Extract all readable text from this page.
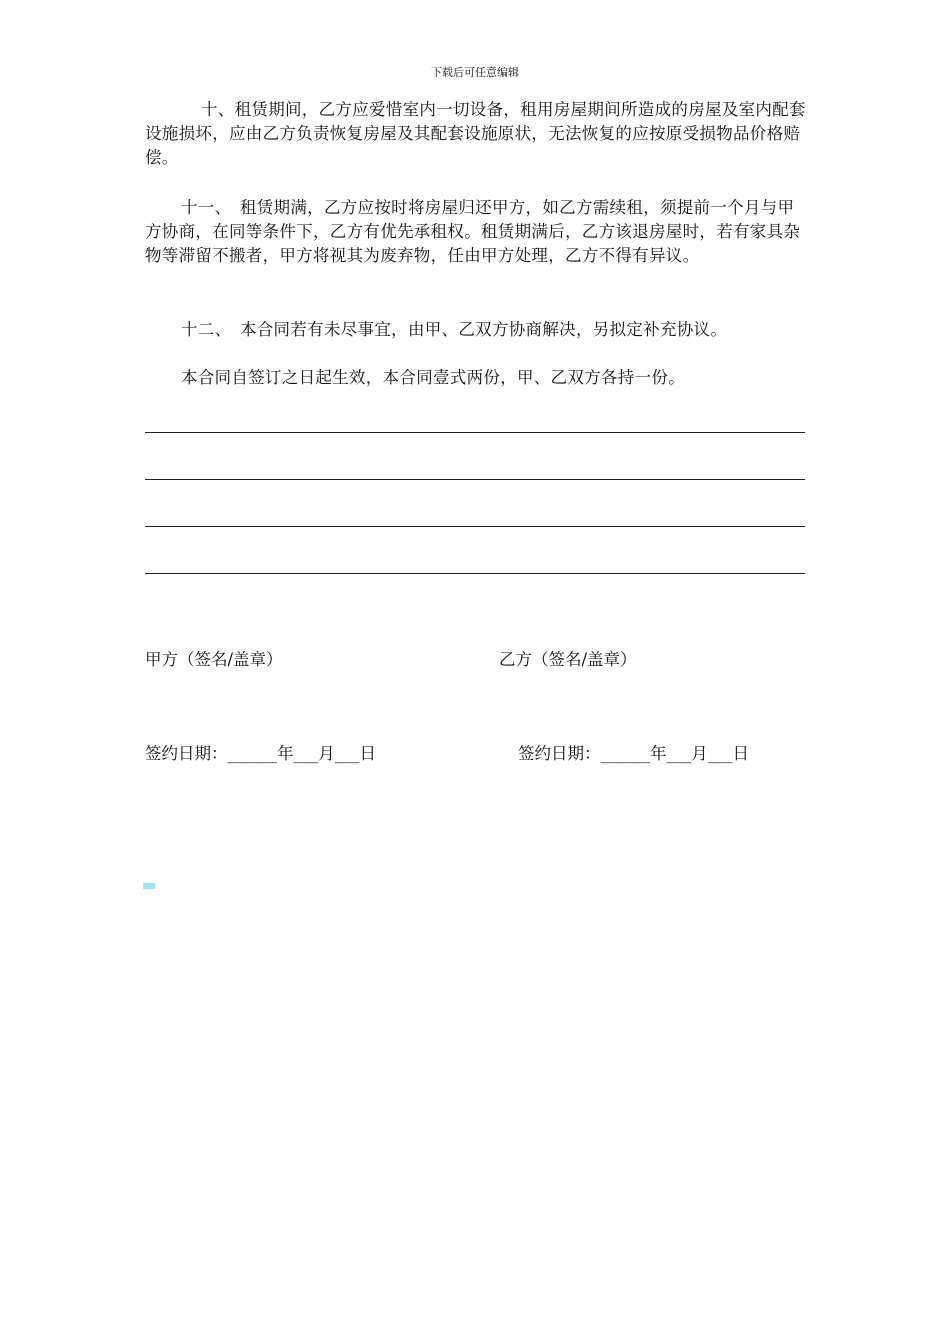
下载后可任意编辑

十、租赁期间，乙方应爱惜室内一切设备，租用房屋期间所造成的房屋及室内配套设施损坏，应由乙方负责恢复房屋及其配套设施原状，无法恢复的应按原受损物品价格赔偿。

十一、　租赁期满，乙方应按时将房屋归还甲方，如乙方需续租，须提前一个月与甲方协商，在同等条件下，乙方有优先承租权。租赁期满后，乙方该退房屋时，若有家具杂物等滞留不搬者，甲方将视其为废弃物，任由甲方处理，乙方不得有异议。

十二、　本合同若有未尽事宜，由甲、乙双方协商解决，另拟定补充协议。

本合同自签订之日起生效，本合同壹式两份，甲、乙双方各持一份。

甲方（签名/盖章）	乙方（签名/盖章）
签约日期：______年___月___日	签约日期：______年___月___日
